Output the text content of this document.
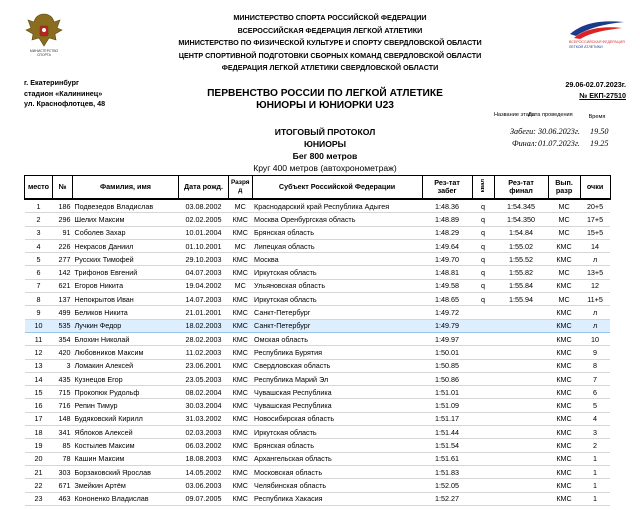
МИНИСТЕРСТВО
СПОРТА
МИНИСТЕРСТВО СПОРТА РОССИЙСКОЙ ФЕДЕРАЦИИ
ВСЕРОССИЙСКАЯ ФЕДЕРАЦИЯ ЛЕГКОЙ АТЛЕТИКИ
МИНИСТЕРСТВО ПО ФИЗИЧЕСКОЙ КУЛЬТУРЕ И СПОРТУ СВЕРДЛОВСКОЙ ОБЛАСТИ
ЦЕНТР СПОРТИВНОЙ ПОДГОТОВКИ СБОРНЫХ КОМАНД СВЕРДЛОВСКОЙ ОБЛАСТИ
ФЕДЕРАЦИЯ ЛЕГКОЙ АТЛЕТИКИ СВЕРДЛОВСКОЙ ОБЛАСТИ
ВСЕРОССИЙСКАЯ ФЕДЕРАЦИЯ
ЛЕГКОЙ АТЛЕТИКИ
г. Екатеринбург
стадион «Калининец»
ул. Краснофлотцев, 48
ПЕРВЕНСТВО РОССИИ ПО ЛЕГКОЙ АТЛЕТИКЕ
ЮНИОРЫ И ЮНИОРКИ U23
29.06-02.07.2023г.
№ ЕКП-27510
Название этапа
Дата проведения	Время
Забеги: 30.06.2023г. 19.50
Финал: 01.07.2023г. 19.25
ИТОГОВЫЙ ПРОТОКОЛ
ЮНИОРЫ
Бег 800 метров
Круг 400 метров (автохронометраж)
место	№	Фамилия, имя	Дата рожд.	Разря д	Субъект Российской Федерации	Рез-тат забег	квал	Рез-тат финал	Вып. разр	очки
1	186	Подвезедов Владислав	03.08.2002	МС	Краснодарский край Республика Адыгея	1:48.36	q	1:54.345	МС	20+5
2	296	Шелих Максим	02.02.2005	КМС	Москва Оренбургская область	1:48.89	q	1:54.350	МС	17+5
3	91	Соболев Захар	10.01.2004	КМС	Брянская область	1:48.29	q	1:54.84	МС	15+5
4	226	Некрасов Даниил	01.10.2001	МС	Липецкая область	1:49.64	q	1:55.02	КМС	14
5	277	Русских Тимофей	29.10.2003	КМС	Москва	1:49.70	q	1:55.52	КМС	л
6	142	Трифонов Евгений	04.07.2003	КМС	Иркутская область	1:48.81	q	1:55.82	МС	13+5
7	621	Егоров Никита	19.04.2002	МС	Ульяновская область	1:49.58	q	1:55.84	КМС	12
8	137	Непокрытов Иван	14.07.2003	КМС	Иркутская область	1:48.65	q	1:55.94	МС	11+5
9	499	Беликов Никита	21.01.2001	КМС	Санкт-Петербург	1:49.72			КМС	л
10	535	Лучкин Федор	18.02.2003	КМС	Санкт-Петербург	1:49.79			КМС	л
11	354	Блохин Николай	28.02.2003	КМС	Омская область	1:49.97			КМС	10
12	420	Любовников Максим	11.02.2003	КМС	Республика Бурятия	1:50.01			КМС	9
13	3	Ломакин Алексей	23.06.2001	КМС	Свердловская область	1:50.85			КМС	8
14	435	Кузнецов Егор	23.05.2003	КМС	Республика Марий Эл	1:50.86			КМС	7
15	715	Прокопюк Рудольф	08.02.2004	КМС	Чувашская Республика	1:51.01			КМС	6
16	716	Репин Тимур	30.03.2004	КМС	Чувашская Республика	1:51.09			КМС	5
17	148	Будяковский Кирилл	31.03.2002	КМС	Новосибирская область	1:51.17			КМС	4
18	341	Яблоков Алексей	02.03.2003	КМС	Иркутская область	1:51.44			КМС	3
19	85	Костылев Максим	06.03.2002	КМС	Брянская область	1:51.54			КМС	2
20	78	Кашин Максим	18.08.2003	КМС	Архангельская область	1:51.61			КМС	1
21	303	Борзаковский Ярослав	14.05.2002	КМС	Московская область	1:51.83			КМС	1
22	671	Змейкин Артём	03.06.2003	КМС	Челябинская область	1:52.05			КМС	1
23	463	Кононенко Владислав	09.07.2005	КМС	Республика Хакасия	1:52.27			КМС	1
